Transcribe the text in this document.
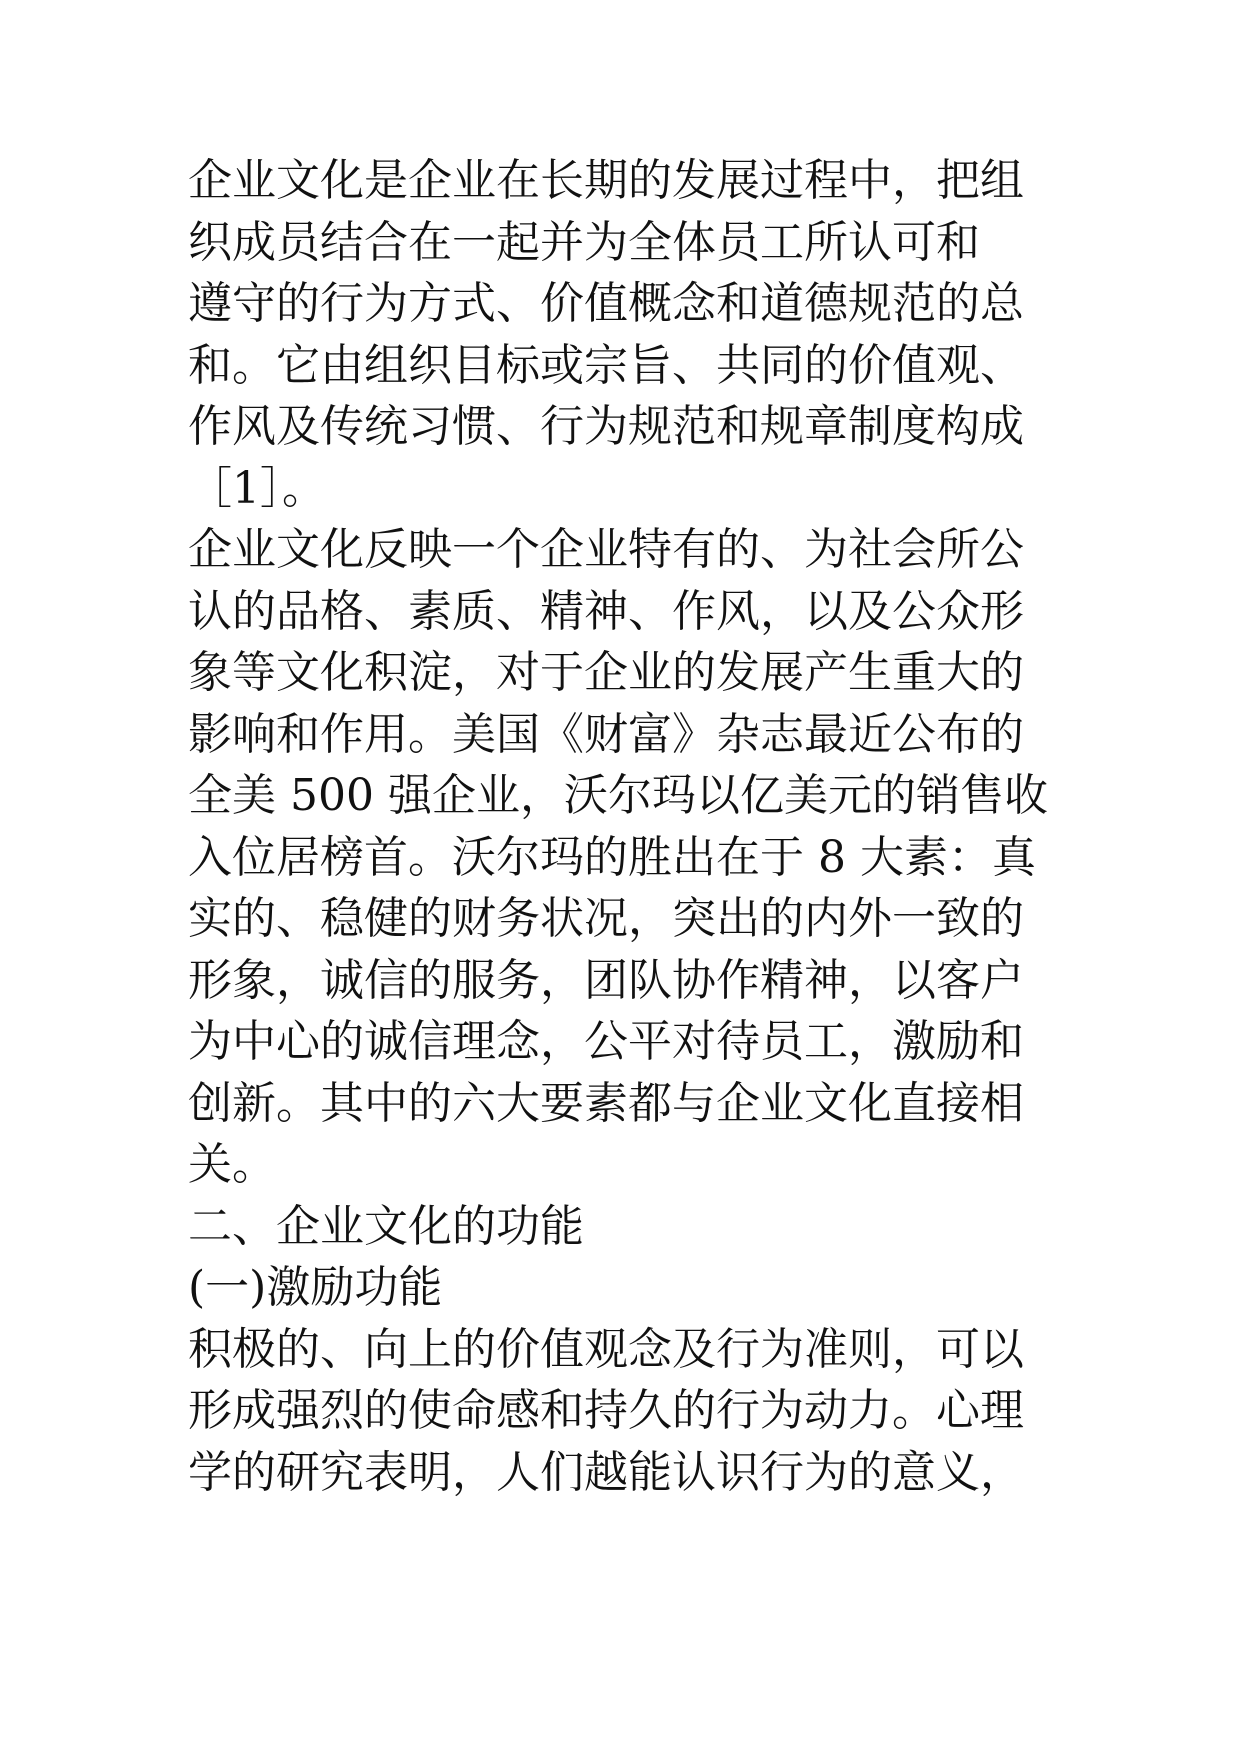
企业文化是企业在长期的发展过程中，把组
织成员结合在一起并为全体员工所认可和
遵守的行为方式、价值概念和道德规范的总
和。它由组织目标或宗旨、共同的价值观、
作风及传统习惯、行为规范和规章制度构成
［1］。
企业文化反映一个企业特有的、为社会所公
认的品格、素质、精神、作风，以及公众形
象等文化积淀，对于企业的发展产生重大的
影响和作用。美国《财富》杂志最近公布的
全美 500 强企业，沃尔玛以亿美元的销售收
入位居榜首。沃尔玛的胜出在于 8 大素：真
实的、稳健的财务状况，突出的内外一致的
形象，诚信的服务，团队协作精神，以客户
为中心的诚信理念，公平对待员工，激励和
创新。其中的六大要素都与企业文化直接相
关。
二、企业文化的功能
(一)激励功能
积极的、向上的价值观念及行为准则，可以
形成强烈的使命感和持久的行为动力。心理
学的研究表明，人们越能认识行为的意义，
